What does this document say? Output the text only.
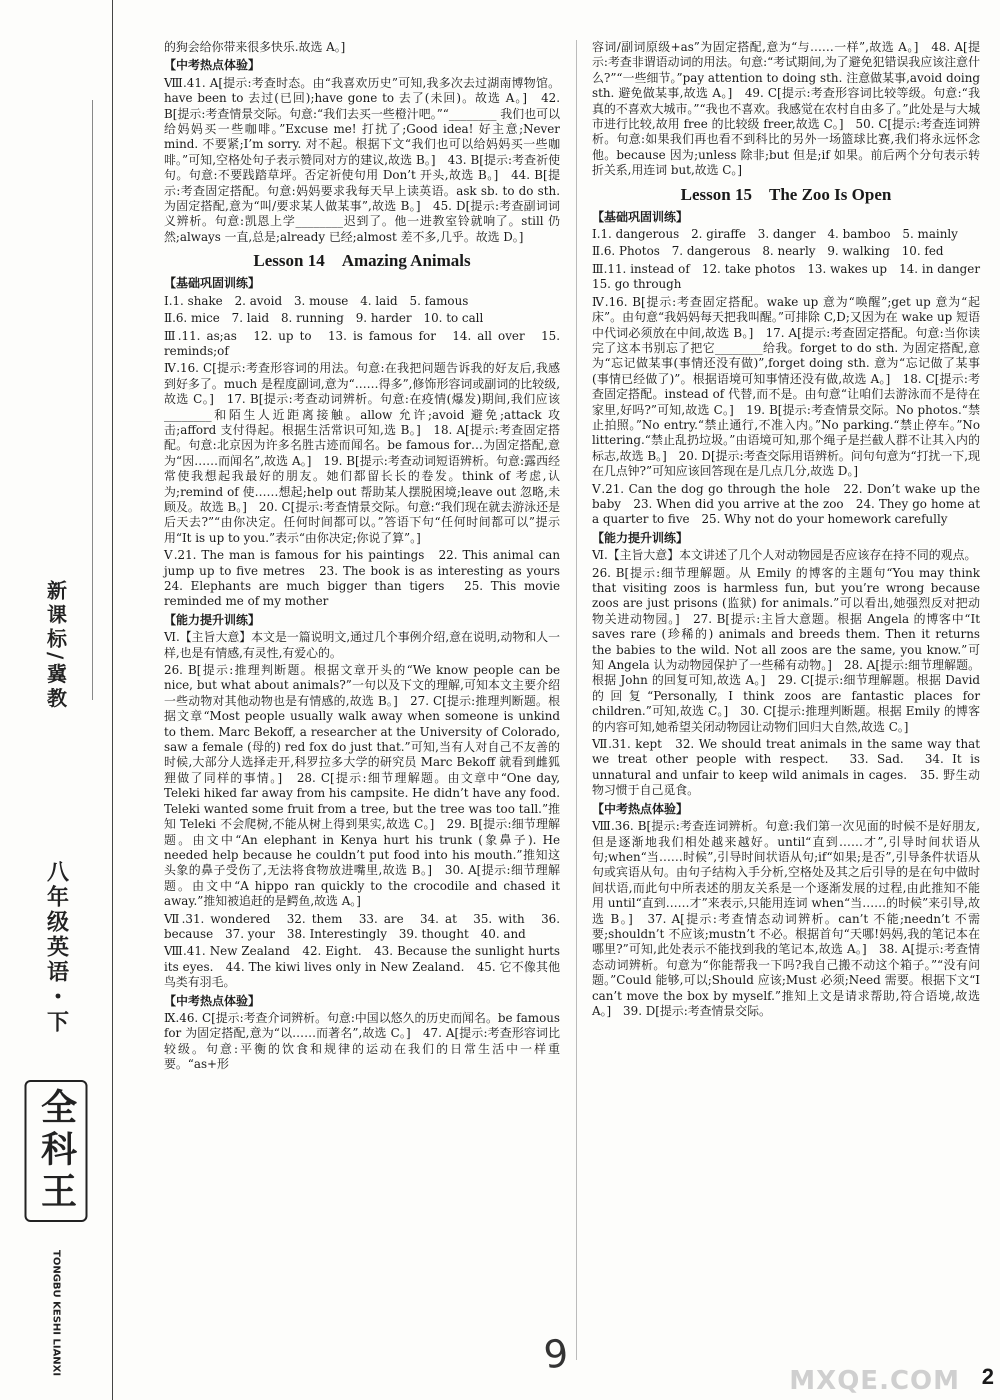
新课标/冀教
八年级英语・下
全科王
TONGBU KESHI LIANXI

的狗会给你带来很多快乐.故选 A。]

【中考热点体验】

Ⅷ.41. A[提示:考查时态。由“我喜欢历史”可知,我多次去过湖南博物馆。have been to 去过(已回);have gone to 去了(未回)。故选 A。]　42. B[提示:考查情景交际。句意:“我们去买一些橙汁吧。”“________ 我们也可以给妈妈买一些咖啡。”Excuse me! 打扰了;Good idea! 好主意;Never mind. 不要紧;I’m sorry. 对不起。根据下文“我们也可以给妈妈买一些咖啡。”可知,空格处句子表示赞同对方的建议,故选 B。]　43. B[提示:考查祈使句。句意:不要践踏草坪。否定祈使句用 Don’t 开头,故选 B。]　44. B[提示:考查固定搭配。句意:妈妈要求我每天早上读英语。ask sb. to do sth. 为固定搭配,意为“叫/要求某人做某事”,故选 B。]　45. D[提示:考查副词词义辨析。句意:凯恩上学________迟到了。他一进教室铃就响了。still 仍然;always 一直,总是;already 已经;almost 差不多,几乎。故选 D。]

Lesson 14　Amazing Animals
【基础巩固训练】

Ⅰ.1. shake　2. avoid　3. mouse　4. laid　5. famous

Ⅱ.6. mice　7. laid　8. running　9. harder　10. to call

Ⅲ.11. as;as　12. up to　13. is famous for　14. all over　15. reminds;of

Ⅳ.16. C[提示:考查形容词的用法。句意:在我把问题告诉我的好友后,我感到好多了。much 是程度副词,意为“……得多”,修饰形容词或副词的比较级,故选 C。]　17. B[提示:考查动词辨析。句意:在疫情(爆发)期间,我们应该________和陌生人近距离接触。allow 允许;avoid 避免;attack 攻击;afford 支付得起。根据生活常识可知,选 B。]　18. A[提示:考查固定搭配。句意:北京因为许多名胜古迹而闻名。be famous for…为固定搭配,意为“因……而闻名”,故选 A。]　19. B[提示:考查动词短语辨析。句意:露西经常使我想起我最好的朋友。她们都留长长的卷发。think of 考虑,认为;remind of 使……想起;help out 帮助某人摆脱困境;leave out 忽略,未顾及。故选 B。]　20. C[提示:考查情景交际。句意:“我们现在就去游泳还是后天去?”“由你决定。任何时间都可以。”答语下句“任何时间都可以”提示用“It is up to you.”表示“由你决定;你说了算”。]

Ⅴ.21. The man is famous for his paintings　22. This animal can jump up to five metres　23. The book is as interesting as yours　24. Elephants are much bigger than tigers　25. This movie reminded me of my mother

【能力提升训练】

Ⅵ.【主旨大意】本文是一篇说明文,通过几个事例介绍,意在说明,动物和人一样,也是有情感,有灵性,有爱心的。

26. B[提示:推理判断题。根据文章开头的“We know people can be nice, but what about animals?”一句以及下文的理解,可知本文主要介绍一些动物对其他动物也是有情感的,故选 B。]　27. C[提示:推理判断题。根据文章“Most people usually walk away when someone is unkind to them. Marc Bekoff, a researcher at the University of Colorado, saw a female (母的) red fox do just that.”可知,当有人对自己不友善的时候,大部分人选择走开,科罗拉多大学的研究员 Marc Bekoff 就看到雌狐狸做了同样的事情。]　28. C[提示:细节理解题。由文章中“One day, Teleki hiked far away from his campsite. He didn’t have any food. Teleki wanted some fruit from a tree, but the tree was too tall.”推知 Teleki 不会爬树,不能从树上得到果实,故选 C。]　29. B[提示:细节理解题。由文中“An elephant in Kenya hurt his trunk (象鼻子). He needed help because he couldn’t put food into his mouth.”推知这头象的鼻子受伤了,无法将食物放进嘴里,故选 B。]　30. A[提示:细节理解题。由文中“A hippo ran quickly to the crocodile and chased it away.”推知被追赶的是鳄鱼,故选 A。]

Ⅶ.31. wondered　32. them　33. are　34. at　35. with　36. because　37. your　38. Interestingly　39. thought　40. and

Ⅷ.41. New Zealand　42. Eight.　43. Because the sunlight hurts its eyes.　44. The kiwi lives only in New Zealand.　45. 它不像其他鸟类有羽毛。

【中考热点体验】

Ⅸ.46. C[提示:考查介词辨析。句意:中国以悠久的历史而闻名。be famous for 为固定搭配,意为“以……而著名”,故选 C。]　47. A[提示:考查形容词比较级。句意:平衡的饮食和规律的运动在我们的日常生活中一样重要。“as+形

容词/副词原级+as”为固定搭配,意为“与……一样”,故选 A。]　48. A[提示:考查非谓语动词的用法。句意:“考试期间,为了避免犯错误我应该注意什么?”“一些细节。”pay attention to doing sth. 注意做某事,avoid doing sth. 避免做某事,故选 A。]　49. C[提示:考查形容词比较等级。句意:“我真的不喜欢大城市。”“我也不喜欢。我感觉在农村自由多了。”此处是与大城市进行比较,故用 free 的比较级 freer,故选 C。]　50. C[提示:考查连词辨析。句意:如果我们再也看不到科比的另外一场篮球比赛,我们将永远怀念他。because 因为;unless 除非;but 但是;if 如果。前后两个分句表示转折关系,用连词 but,故选 C。]

Lesson 15　The Zoo Is Open
【基础巩固训练】

Ⅰ.1. dangerous　2. giraffe　3. danger　4. bamboo　5. mainly

Ⅱ.6. Photos　7. dangerous　8. nearly　9. walking　10. fed

Ⅲ.11. instead of　12. take photos　13. wakes up　14. in danger　15. go through

Ⅳ.16. B[提示:考查固定搭配。wake up 意为“唤醒”;get up 意为“起床”。由句意“我妈妈每天把我叫醒。”可排除 C,D;又因为在 wake up 短语中代词必须放在中间,故选 B。]　17. A[提示:考查固定搭配。句意:当你读完了这本书别忘了把它________给我。forget to do sth. 为固定搭配,意为“忘记做某事(事情还没有做)”,forget doing sth. 意为“忘记做了某事(事情已经做了)”。根据语境可知事情还没有做,故选 A。]　18. C[提示:考查固定搭配。instead of 代替,而不是。由句意“让咱们去游泳而不是待在家里,好吗?”可知,故选 C。]　19. B[提示:考查情景交际。No photos.“禁止拍照。”No entry.“禁止通行,不准入内。”No parking.“禁止停车。”No littering.“禁止乱扔垃圾。”由语境可知,那个绳子是拦截人群不让其入内的标志,故选 B。]　20. D[提示:考查交际用语辨析。问句句意为“打扰一下,现在几点钟?”可知应该回答现在是几点几分,故选 D。]

Ⅴ.21. Can the dog go through the hole　22. Don’t wake up the baby　23. When did you arrive at the zoo　24. They go home at a quarter to five　25. Why not do your homework carefully

【能力提升训练】

Ⅵ.【主旨大意】本文讲述了几个人对动物园是否应该存在持不同的观点。

26. B[提示:细节理解题。从 Emily 的博客的主题句“You may think that visiting zoos is harmless fun, but you’re wrong because zoos are just prisons (监狱) for animals.”可以看出,她强烈反对把动物关进动物园。]　27. B[提示:主旨大意题。根据 Angela 的博客中“It saves rare (珍稀的) animals and breeds them. Then it returns the babies to the wild. Not all zoos are the same, you know.”可知 Angela 认为动物园保护了一些稀有动物。]　28. A[提示:细节理解题。根据 John 的回复可知,故选 A。]　29. C[提示:细节理解题。根据 David 的回复“Personally, I think zoos are fantastic places for children.”可知,故选 C。]　30. C[提示:推理判断题。根据 Emily 的博客的内容可知,她希望关闭动物园让动物们回归大自然,故选 C。]

Ⅶ.31. kept　32. We should treat animals in the same way that we treat other people with respect.　33. Sad.　34. It is unnatural and unfair to keep wild animals in cages.　35. 野生动物习惯于自己觅食。

【中考热点体验】

Ⅷ.36. B[提示:考查连词辨析。句意:我们第一次见面的时候不是好朋友,但是逐渐地我们相处越来越好。until“直到……才”,引导时间状语从句;when“当……时候”,引导时间状语从句;if“如果;是否”,引导条件状语从句或宾语从句。由句子结构入手分析,空格处及其之后引导的是在句中做时间状语,而此句中所表述的朋友关系是一个逐渐发展的过程,由此推知不能用 until“直到……才”来表示,只能用连词 when“当……的时候”来引导,故选 B。]　37. A[提示:考查情态动词辨析。can’t 不能;needn’t 不需要;shouldn’t 不应该;mustn’t 不必。根据首句“天哪!妈妈,我的笔记本在哪里?”可知,此处表示不能找到我的笔记本,故选 A。]　38. A[提示:考查情态动词辨析。句意为“你能帮我一下吗?我自己搬不动这个箱子。”“没有问题。”Could 能够,可以;Should 应该;Must 必须;Need 需要。根据下文“I can’t move the box by myself.”推知上文是请求帮助,符合语境,故选 A。]　39. D[提示:考查情景交际。

9
MXQE.COM 2
